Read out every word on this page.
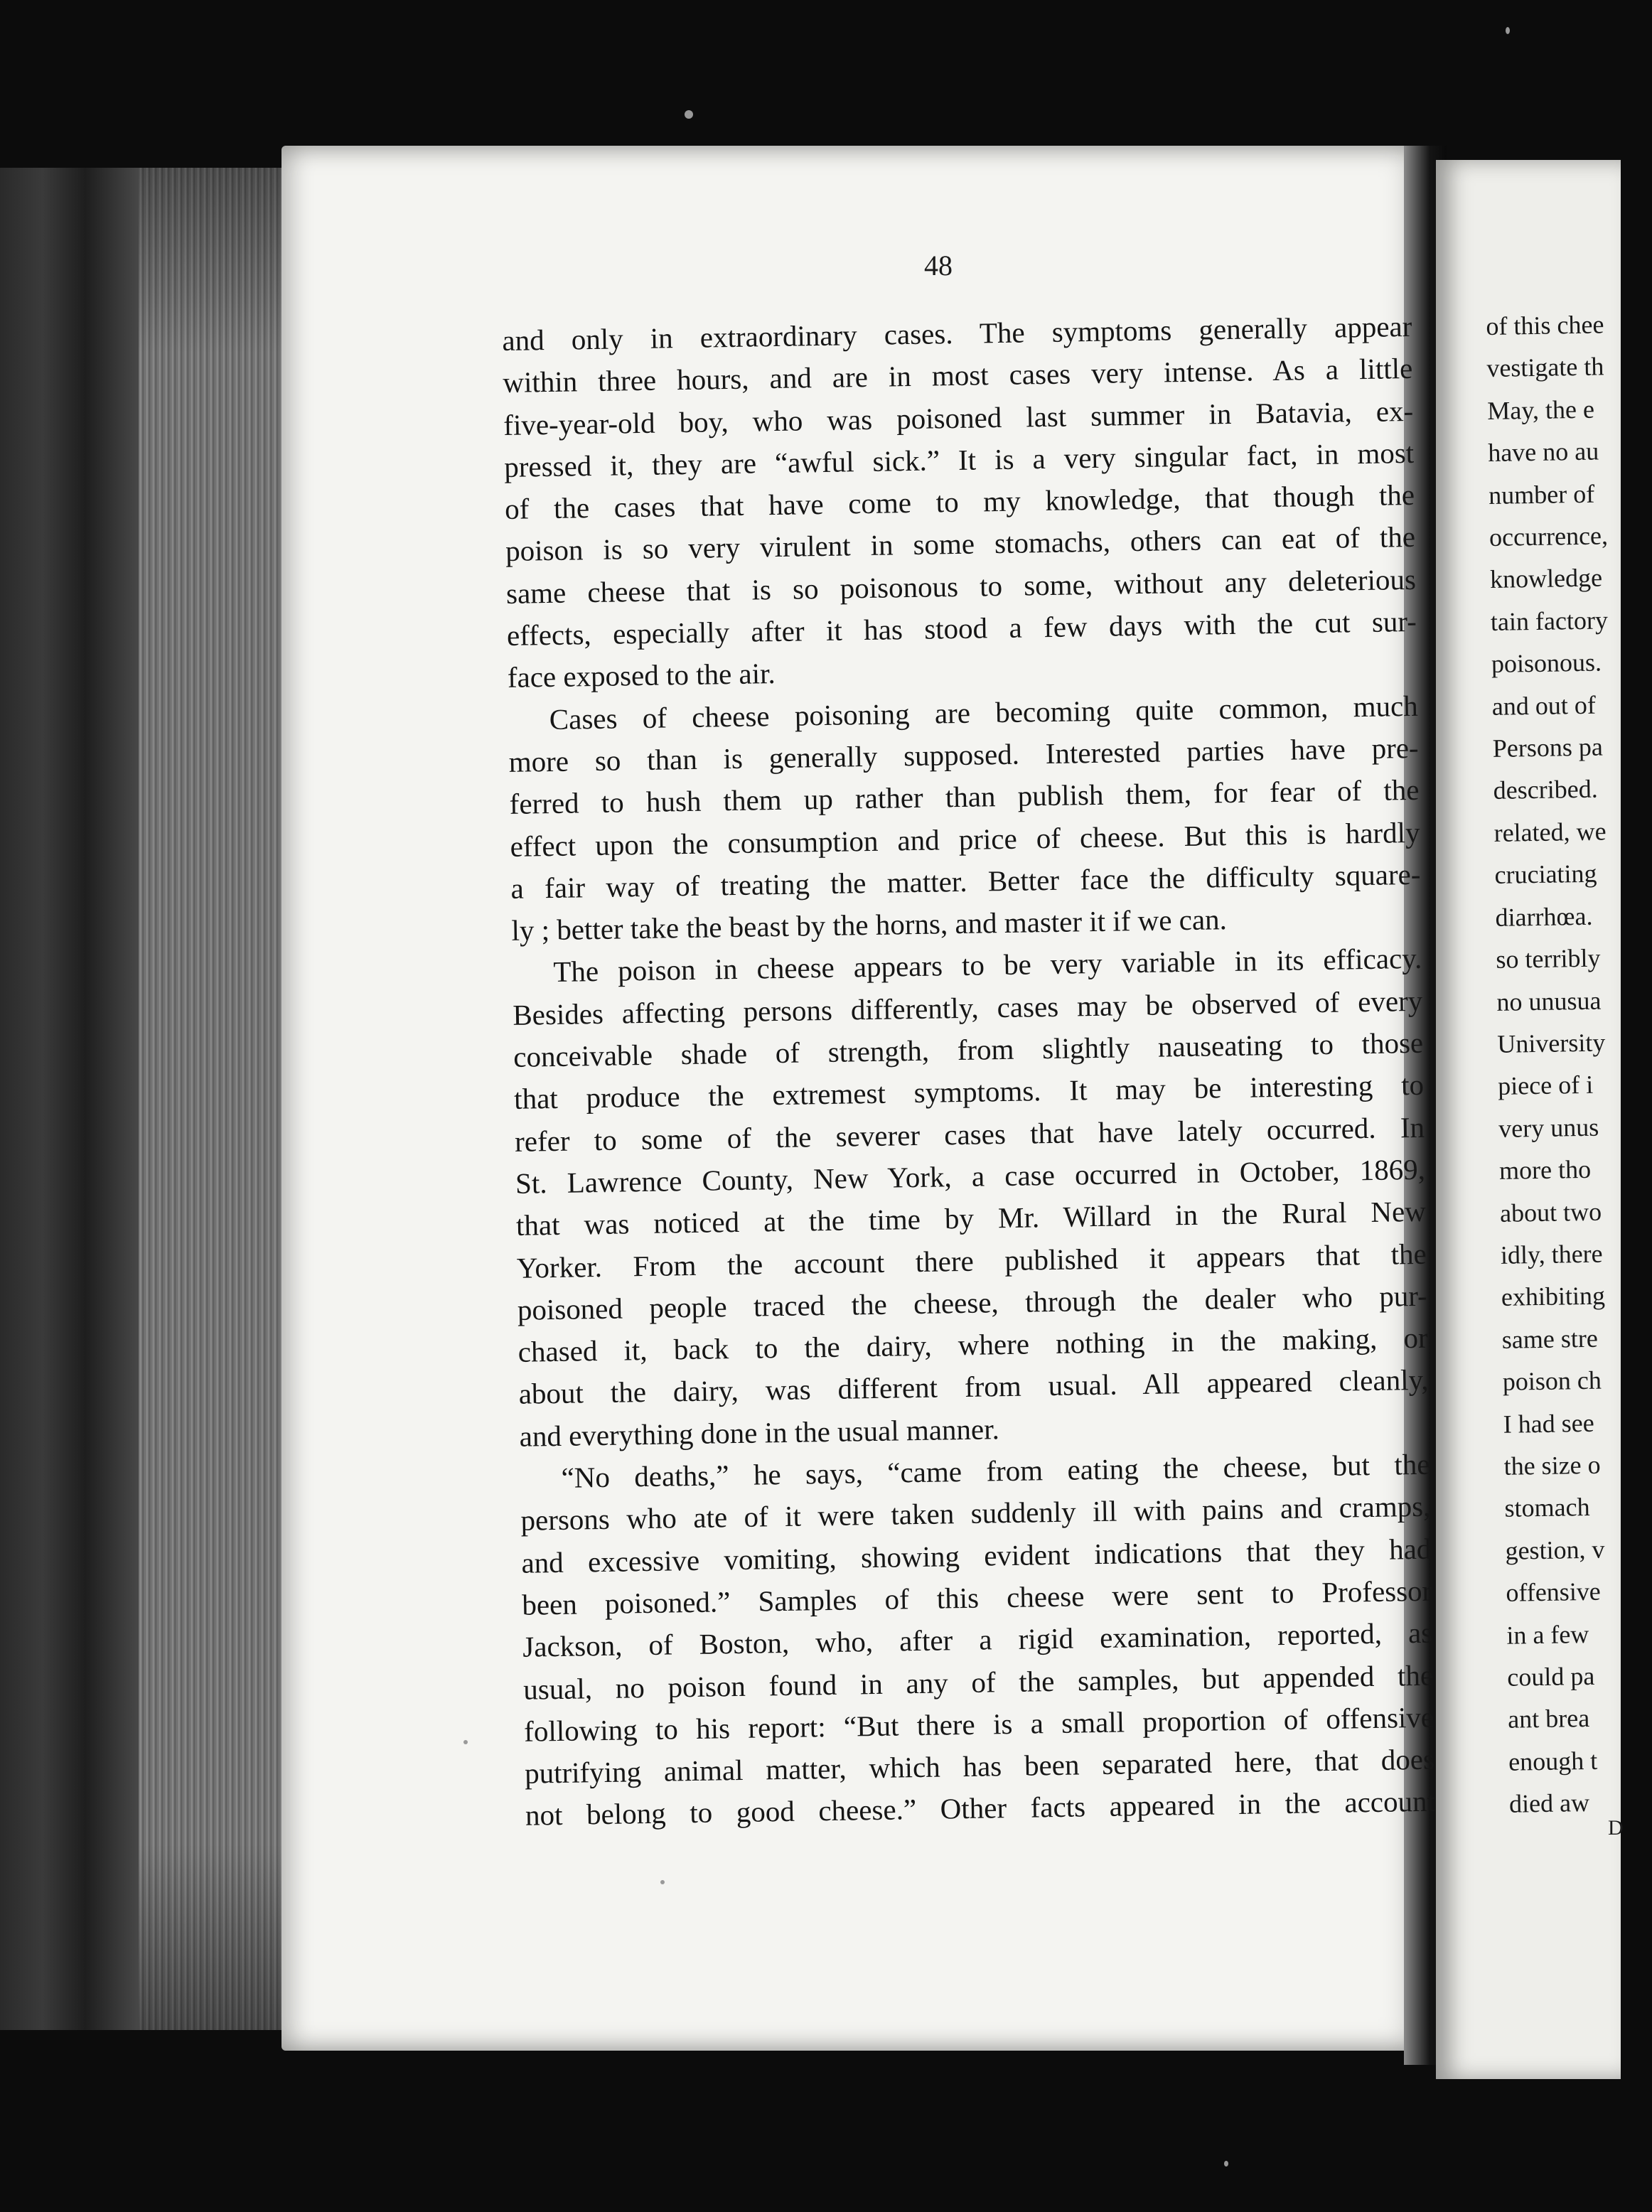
48
and only in extraordinary cases. The symptoms generally appear
within three hours, and are in most cases very intense. As a little
five-year-old boy, who was poisoned last summer in Batavia, ex-
pressed it, they are “awful sick.” It is a very singular fact, in most
of the cases that have come to my knowledge, that though the
poison is so very virulent in some stomachs, others can eat of the
same cheese that is so poisonous to some, without any deleterious
effects, especially after it has stood a few days with the cut sur-
face exposed to the air.
Cases of cheese poisoning are becoming quite common, much
more so than is generally supposed. Interested parties have pre-
ferred to hush them up rather than publish them, for fear of the
effect upon the consumption and price of cheese. But this is hardly
a fair way of treating the matter. Better face the difficulty square-
ly ; better take the beast by the horns, and master it if we can.
The poison in cheese appears to be very variable in its efficacy.
Besides affecting persons differently, cases may be observed of every
conceivable shade of strength, from slightly nauseating to those
that produce the extremest symptoms. It may be interesting to
refer to some of the severer cases that have lately occurred. In
St. Lawrence County, New York, a case occurred in October, 1869,
that was noticed at the time by Mr. Willard in the Rural New
Yorker. From the account there published it appears that the
poisoned people traced the cheese, through the dealer who pur-
chased it, back to the dairy, where nothing in the making, or
about the dairy, was different from usual. All appeared cleanly,
and everything done in the usual manner.
“No deaths,” he says, “came from eating the cheese, but the
persons who ate of it were taken suddenly ill with pains and cramps,
and excessive vomiting, showing evident indications that they had
been poisoned.” Samples of this cheese were sent to Professor
Jackson, of Boston, who, after a rigid examination, reported, as
usual, no poison found in any of the samples, but appended the
following to his report: “But there is a small proportion of offensive
putrifying animal matter, which has been separated here, that does
not belong to good cheese.” Other facts appeared in the account
of this chee
vestigate th
May, the e
have no au
number of
occurrence,
knowledge
tain factory
poisonous.
and out of
Persons pa
described.
related, we
cruciating
diarrhœa.
so terribly
no unusua
University
piece of i
very unus
more tho
about two
idly, there
exhibiting
same stre
poison ch
I had see
the size o
stomach
gestion, v
offensive
in a few
could pa
ant brea
enough t
died aw
D
